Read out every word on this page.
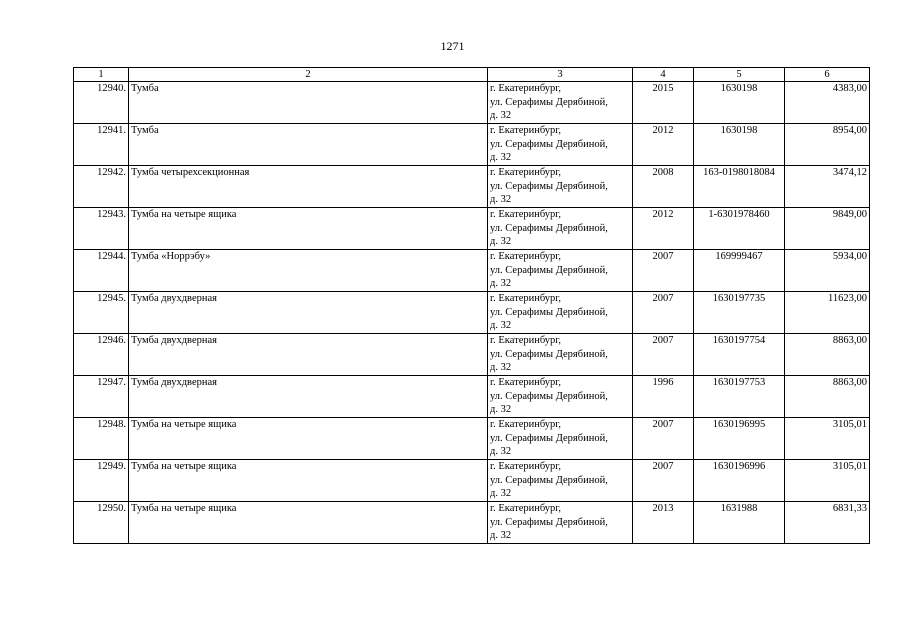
1271
1	2	3	4	5	6
12940.	Тумба	г. Екатеринбург,
ул. Серафимы Дерябиной,
д. 32	2015	1630198	4383,00
12941.	Тумба	г. Екатеринбург,
ул. Серафимы Дерябиной,
д. 32	2012	1630198	8954,00
12942.	Тумба четырехсекционная	г. Екатеринбург,
ул. Серафимы Дерябиной,
д. 32	2008	163-0198018084	3474,12
12943.	Тумба на четыре ящика	г. Екатеринбург,
ул. Серафимы Дерябиной,
д. 32	2012	1-6301978460	9849,00
12944.	Тумба «Норрэбу»	г. Екатеринбург,
ул. Серафимы Дерябиной,
д. 32	2007	169999467	5934,00
12945.	Тумба двухдверная	г. Екатеринбург,
ул. Серафимы Дерябиной,
д. 32	2007	1630197735	11623,00
12946.	Тумба двухдверная	г. Екатеринбург,
ул. Серафимы Дерябиной,
д. 32	2007	1630197754	8863,00
12947.	Тумба двухдверная	г. Екатеринбург,
ул. Серафимы Дерябиной,
д. 32	1996	1630197753	8863,00
12948.	Тумба на четыре ящика	г. Екатеринбург,
ул. Серафимы Дерябиной,
д. 32	2007	1630196995	3105,01
12949.	Тумба на четыре ящика	г. Екатеринбург,
ул. Серафимы Дерябиной,
д. 32	2007	1630196996	3105,01
12950.	Тумба на четыре ящика	г. Екатеринбург,
ул. Серафимы Дерябиной,
д. 32	2013	1631988	6831,33
